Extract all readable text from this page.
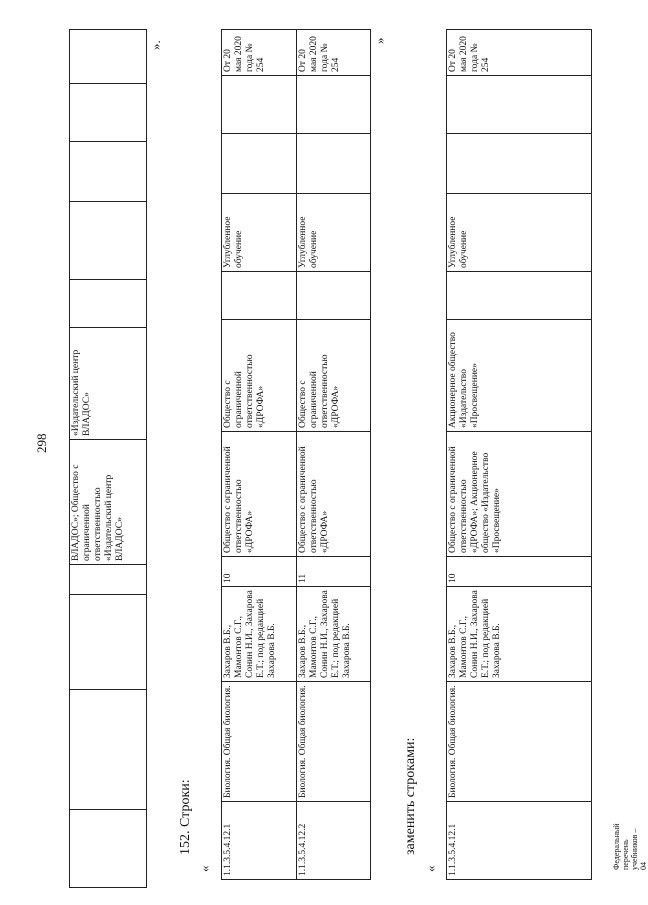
298
				ВЛАДОС»; Общество с ограниченной ответственностью «Издательский центр ВЛАДОС»	«Издательский центр ВЛАДОС»					
».
152. Строки:
« 1.1.3.5.4.12.1	Биология. Общая биология.	Захаров В.Б., Мамонтов С.Г., Сонин Н.И., Захарова Е.Т.; под редакцией Захарова В.Б.	10	Общество с ограниченной ответственностью «ДРОФА»	Общество с ограниченной ответственностью «ДРОФА»		Углубленное обучение			От 20 мая 2020 года № 254
1.1.3.5.4.12.2	Биология. Общая биология.	Захаров В.Б., Мамонтов С.Г., Сонин Н.И., Захарова Е.Т.; под редакцией Захарова В.Б.	11	Общество с ограниченной ответственностью «ДРОФА»	Общество с ограниченной ответственностью «ДРОФА»		Углубленное обучение			От 20 мая 2020 года № 254
»
заменить строками:
« 1.1.3.5.4.12.1	Биология. Общая биология.	Захаров В.Б., Мамонтов С.Г., Сонин Н.И., Захарова Е.Т.; под редакцией Захарова В.Б.	10	Общество с ограниченной ответственностью «ДРОФА»; Акционерное общество «Издательство «Просвещение»	Акционерное общество «Издательство «Просвещение»		Углубленное обучение			От 20 мая 2020 года № 254
Федеральный перечень учебников – 04
